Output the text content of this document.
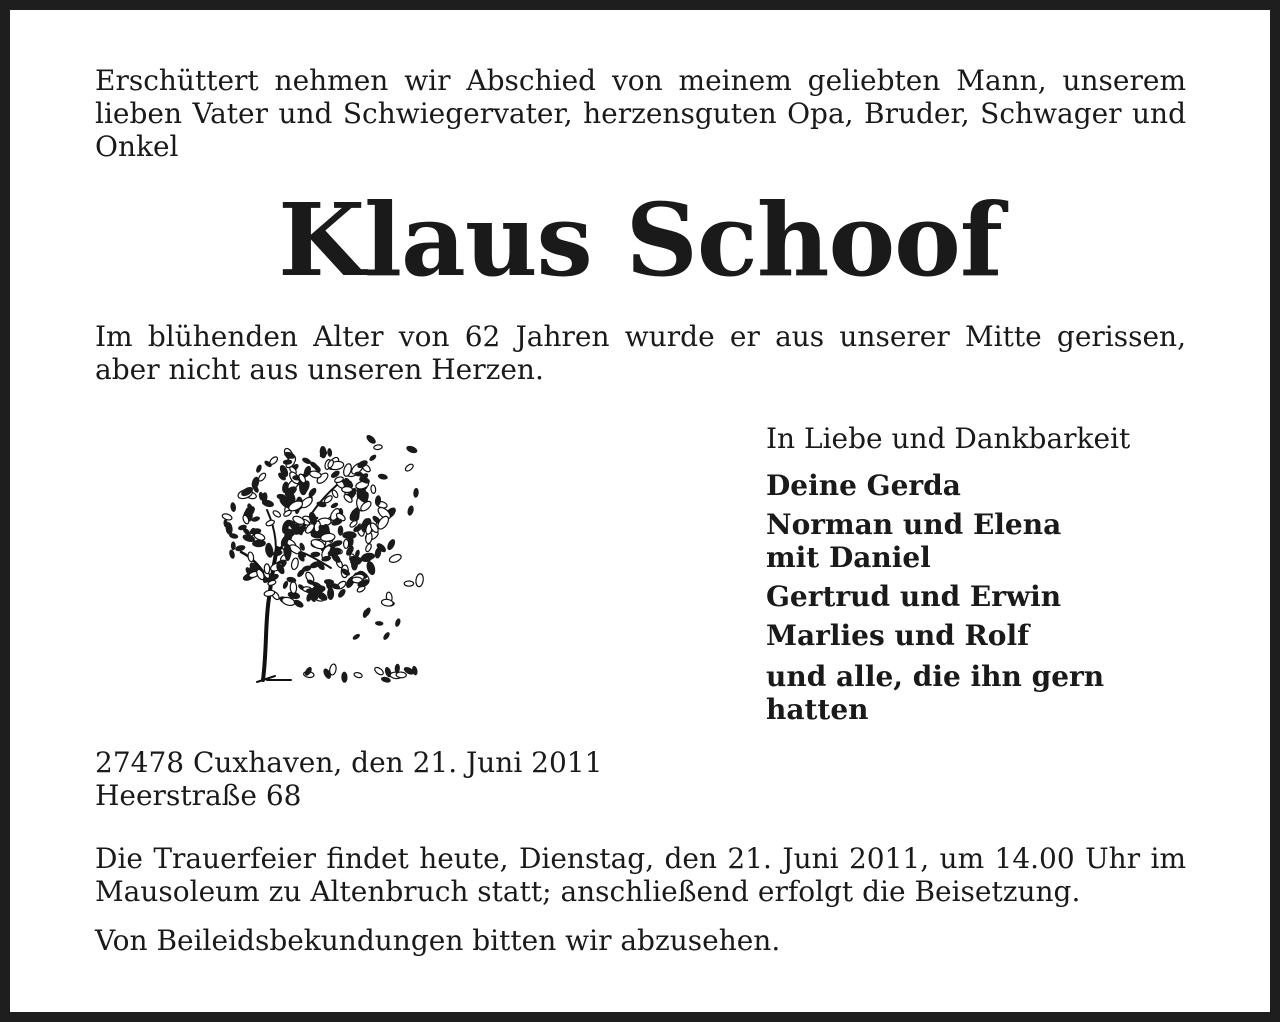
Erschüttert nehmen wir Abschied von meinem geliebten Mann, unserem lieben Vater und Schwiegervater, herzensguten Opa, Bruder, Schwager und Onkel

Klaus Schoof

Im blühenden Alter von 62 Jahren wurde er aus unserer Mitte gerissen, aber nicht aus unseren Herzen.

In Liebe und Dankbarkeit
Deine Gerda
Norman und Elena
mit Daniel
Gertrud und Erwin
Marlies und Rolf
und alle, die ihn gern hatten
27478 Cuxhaven, den 21. Juni 2011
Heerstraße 68

Die Trauerfeier findet heute, Dienstag, den 21. Juni 2011, um 14.00 Uhr im Mausoleum zu Altenbruch statt; anschließend erfolgt die Beisetzung.

Von Beileidsbekundungen bitten wir abzusehen.
